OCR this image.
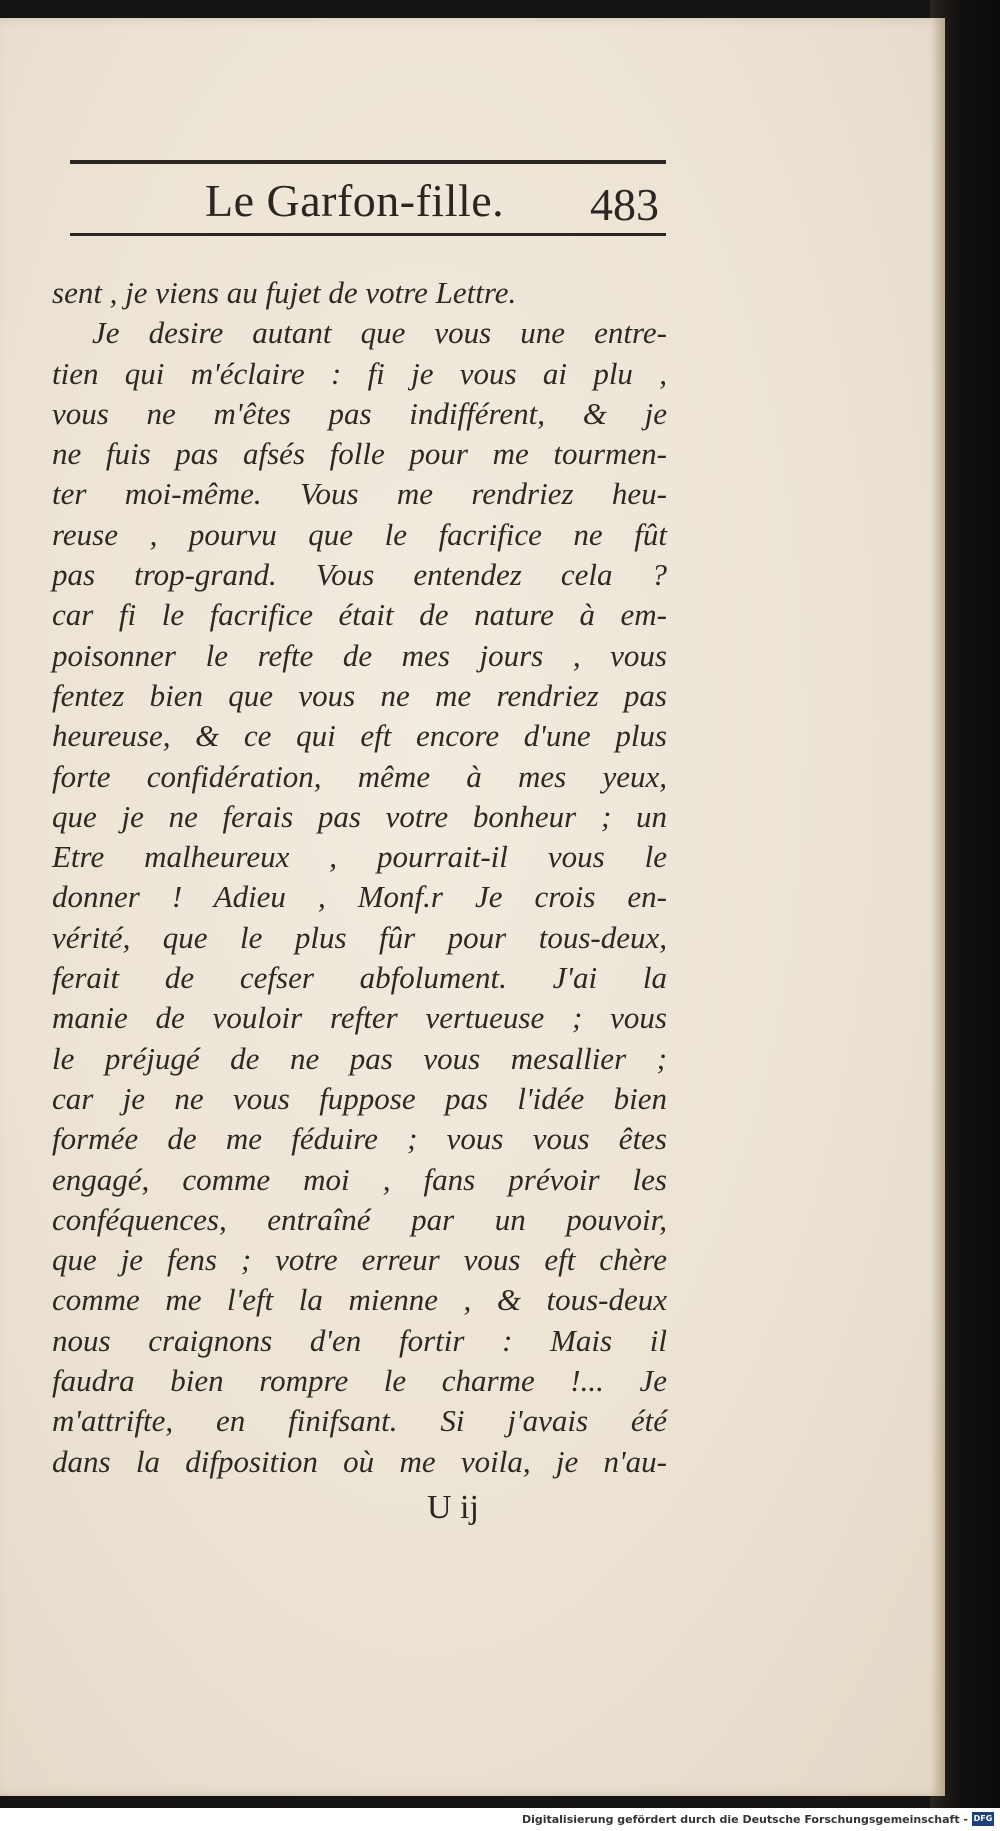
Le Garfon-fille. 483
sent , je viens au fujet de votre Lettre.
Je desire autant que vous une entre-
tien qui m'éclaire : fi je vous ai plu ,
vous ne m'êtes pas indifférent, & je
ne fuis pas afsés folle pour me tourmen-
ter moi-même. Vous me rendriez heu-
reuse , pourvu que le facrifice ne fût
pas trop-grand. Vous entendez cela ?
car fi le facrifice était de nature à em-
poisonner le refte de mes jours , vous
fentez bien que vous ne me rendriez pas
heureuse, & ce qui eft encore d'une plus
forte confidération, même à mes yeux,
que je ne ferais pas votre bonheur ; un
Etre malheureux , pourrait-il vous le
donner ! Adieu , Monf.r Je crois en-
vérité, que le plus fûr pour tous-deux,
ferait de cefser abfolument. J'ai la
manie de vouloir refter vertueuse ; vous
le préjugé de ne pas vous mesallier ;
car je ne vous fuppose pas l'idée bien
formée de me féduire ; vous vous êtes
engagé, comme moi , fans prévoir les
conféquences, entraîné par un pouvoir,
que je fens ; votre erreur vous eft chère
comme me l'eft la mienne , & tous-deux
nous craignons d'en fortir : Mais il
faudra bien rompre le charme !... Je
m'attrifte, en finifsant. Si j'avais été
dans la difposition où me voila, je n'au-
U ij
Digitalisierung gefördert durch die Deutsche Forschungsgemeinschaft - DFG
